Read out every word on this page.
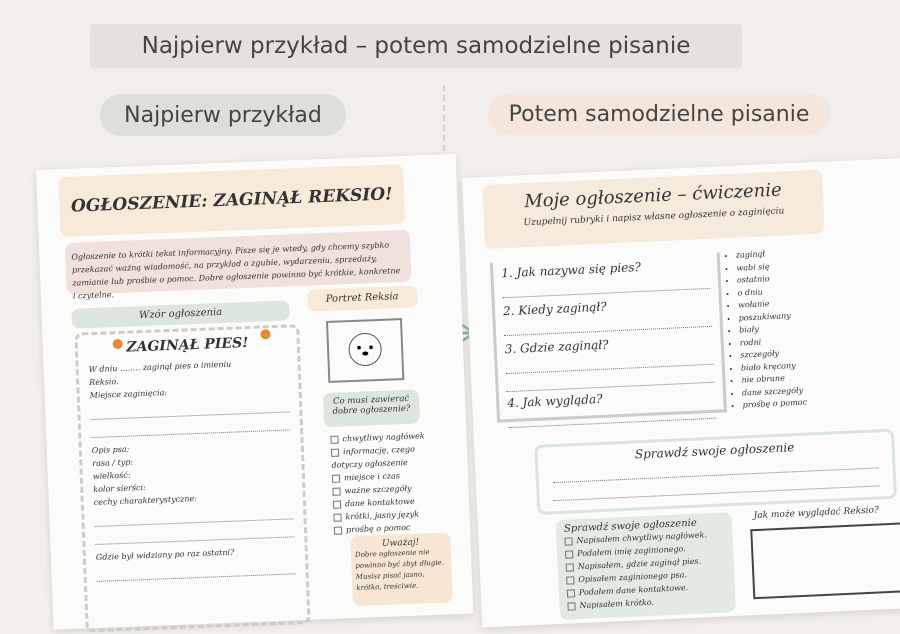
Najpierw przykład – potem samodzielne pisanie
Najpierw przykład	Potem samodzielne pisanie
OGŁOSZENIE: ZAGINĄŁ REKSIO!
Ogłoszenie to krótki tekst informacyjny. Pisze się je wtedy, gdy chcemy szybko przekazać ważną wiadomość, na przykład o zgubie, wydarzeniu, sprzedaży, zamianie lub prośbie o pomoc. Dobre ogłoszenie powinno być krótkie, konkretne i czytelne.
Wzór ogłoszenia
Portret Reksia
ZAGINĄŁ PIES!
W dniu ........ zaginął pies o imieniu
Reksio.
Miejsce zaginięcia:
Opis psa:
rasa / typ:
wielkość:
kolor sierści:
cechy charakterystyczne:
Gdzie był widziany po raz ostatni?
Co musi zawierać dobre ogłoszenie?
chwytliwy nagłówek
informację, czego dotyczy ogłoszenie
miejsce i czas
ważne szczegóły
dane kontaktowe
krótki, jasny język
prośbę o pomoc
Uważaj!
Dobre ogłoszenie nie powinno być zbyt długie. Musisz pisać jasno, krótko, treściwie.
Moje ogłoszenie – ćwiczenie
Uzupełnij rubryki i napisz własne ogłoszenie o zaginięciu
1. Jak nazywa się pies?
2. Kiedy zaginął?
3. Gdzie zaginął?
4. Jak wygląda?
• zaginął
• wabi się
• ostatnio
• o dniu
• wołanie
• poszukiwany
• biały
• rodni
• szczegóły
• biało kręcony
• nie obrane
• dane szczegóły
• prośbę o pomoc
Sprawdź swoje ogłoszenie
Sprawdź swoje ogłoszenie
Napisałem chwytliwy nagłówek.
Podałem imię zaginionego.
Napisałem, gdzie zaginął pies.
Opisałem zaginionego psa.
Podałem dane kontaktowe.
Napisałem krótko.
Jak może wyglądać Reksio?
